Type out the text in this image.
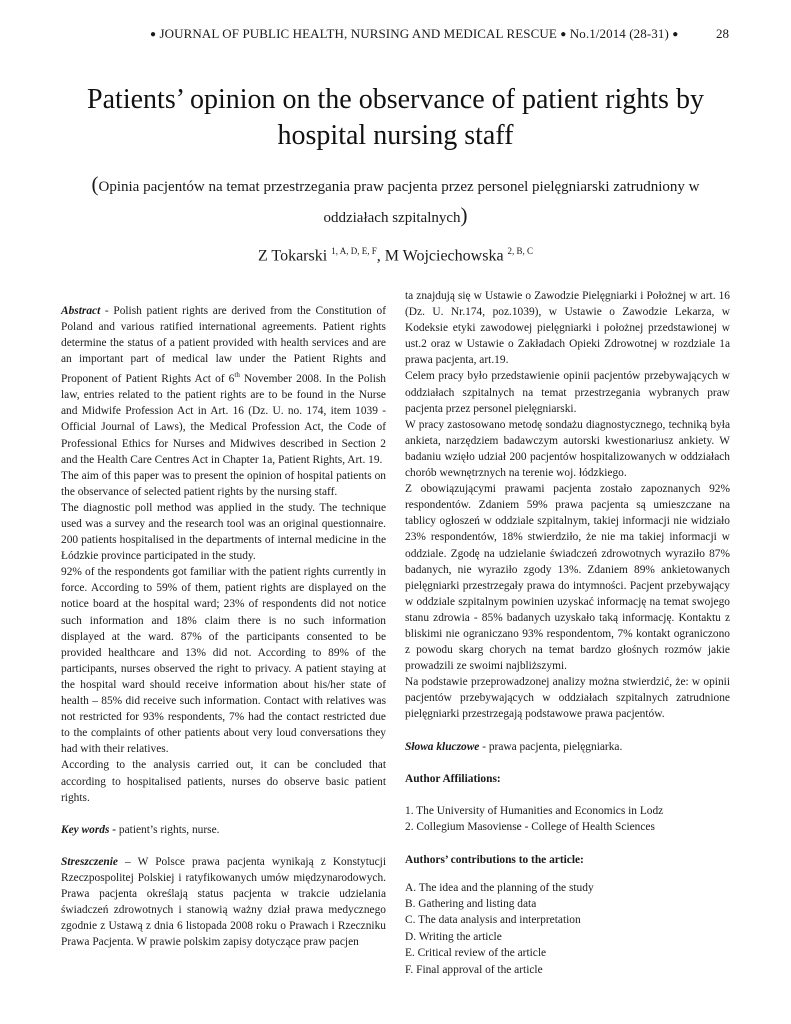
● JOURNAL OF PUBLIC HEALTH, NURSING AND MEDICAL RESCUE ● No.1/2014 (28-31) ●	28
Patients’ opinion on the observance of patient rights by hospital nursing staff
(Opinia pacjentów na temat przestrzegania praw pacjenta przez personel pielęgniarski zatrudniony w oddziałach szpitalnych)
Z Tokarski $^{1, A, D, E, F}$, M Wojciechowska $^{2, B, C}$

Abstract - Polish patient rights are derived from the Constitution of Poland and various ratified international agreements. Patient rights determine the status of a patient provided with health services and are an important part of medical law under the Patient Rights and Proponent of Patient Rights Act of 6th November 2008. In the Polish law, entries related to the patient rights are to be found in the Nurse and Midwife Profession Act in Art. 16 (Dz. U. no. 174, item 1039 - Official Journal of Laws), the Medical Profession Act, the Code of Professional Ethics for Nurses and Midwives described in Section 2 and the Health Care Centres Act in Chapter 1a, Patient Rights, Art. 19.

The aim of this paper was to present the opinion of hospital patients on the observance of selected patient rights by the nursing staff.

The diagnostic poll method was applied in the study. The technique used was a survey and the research tool was an original questionnaire. 200 patients hospitalised in the departments of internal medicine in the Łódzkie province participated in the study.

92% of the respondents got familiar with the patient rights currently in force. According to 59% of them, patient rights are displayed on the notice board at the hospital ward; 23% of respondents did not notice such information and 18% claim there is no such information displayed at the ward. 87% of the participants consented to be provided healthcare and 13% did not. According to 89% of the participants, nurses observed the right to privacy. A patient staying at the hospital ward should receive information about his/her state of health – 85% did receive such information. Contact with relatives was not restricted for 93% respondents, 7% had the contact restricted due to the complaints of other patients about very loud conversations they had with their relatives.

According to the analysis carried out, it can be concluded that according to hospitalised patients, nurses do observe basic patient rights.

Key words - patient’s rights, nurse.

Streszczenie – W Polsce prawa pacjenta wynikają z Konstytucji Rzeczpospolitej Polskiej i ratyfikowanych umów międzynarodowych. Prawa pacjenta określają status pacjenta w trakcie udzielania świadczeń zdrowotnych i stanowią ważny dział prawa medycznego zgodnie z Ustawą z dnia 6 listopada 2008 roku o Prawach i Rzeczniku Prawa Pacjenta. W prawie polskim zapisy dotyczące praw pacjen

ta znajdują się w Ustawie o Zawodzie Pielęgniarki i Położnej w art. 16 (Dz. U. Nr.174, poz.1039), w Ustawie o Zawodzie Lekarza, w Kodeksie etyki zawodowej pielęgniarki i położnej przedstawionej w ust.2 oraz w Ustawie o Zakładach Opieki Zdrowotnej w rozdziale 1a prawa pacjenta, art.19.

Celem pracy było przedstawienie opinii pacjentów przebywających w oddziałach szpitalnych na temat przestrzegania wybranych praw pacjenta przez personel pielęgniarski.

W pracy zastosowano metodę sondażu diagnostycznego, techniką była ankieta, narzędziem badawczym autorski kwestionariusz ankiety. W badaniu wzięło udział 200 pacjentów hospitalizowanych w oddziałach chorób wewnętrznych na terenie woj. łódzkiego.

Z obowiązującymi prawami pacjenta zostało zapoznanych 92% respondentów. Zdaniem 59% prawa pacjenta są umieszczane na tablicy ogłoszeń w oddziale szpitalnym, takiej informacji nie widziało 23% respondentów, 18% stwierdziło, że nie ma takiej informacji w oddziale. Zgodę na udzielanie świadczeń zdrowotnych wyraziło 87% badanych, nie wyraziło zgody 13%. Zdaniem 89% ankietowanych pielęgniarki przestrzegały prawa do intymności. Pacjent przebywający w oddziale szpitalnym powinien uzyskać informację na temat swojego stanu zdrowia - 85% badanych uzyskało taką informację. Kontaktu z bliskimi nie ograniczano 93% respondentom, 7% kontakt ograniczono z powodu skarg chorych na temat bardzo głośnych rozmów jakie prowadzili ze swoimi najbliższymi.

Na podstawie przeprowadzonej analizy można stwierdzić, że: w opinii pacjentów przebywających w oddziałach szpitalnych zatrudnione pielęgniarki przestrzegają podstawowe prawa pacjentów.

Słowa kluczowe - prawa pacjenta, pielęgniarka.

Author Affiliations:

1. The University of Humanities and Economics in Lodz

2. Collegium Masoviense - College of Health Sciences

Authors’ contributions to the article:

A. The idea and the planning of the study

B. Gathering and listing data

C. The data analysis and interpretation

D. Writing the article

E. Critical review of the article

F. Final approval of the article
